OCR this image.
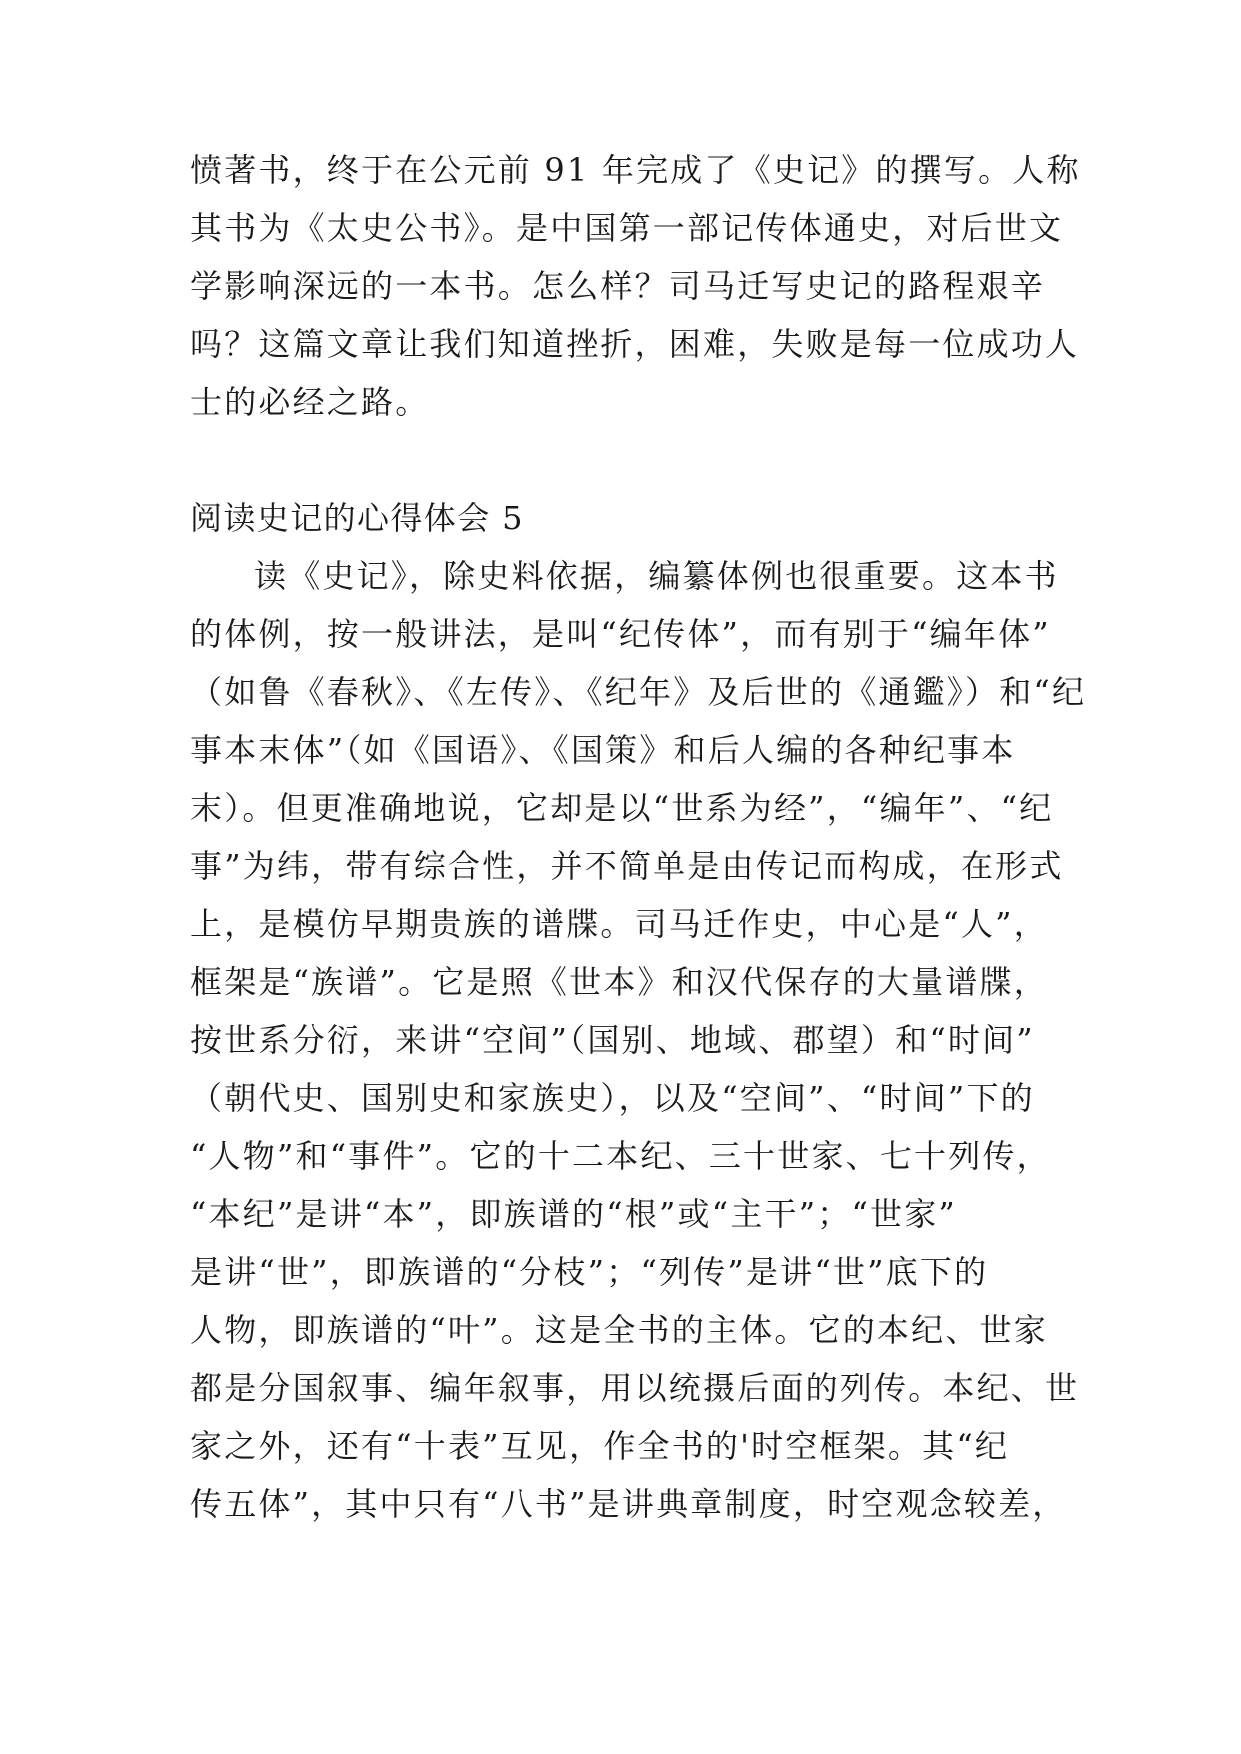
愤著书，终于在公元前 91 年完成了《史记》的撰写。人称
其书为《太史公书》。是中国第一部记传体通史，对后世文
学影响深远的一本书。怎么样？司马迁写史记的路程艰辛
吗？这篇文章让我们知道挫折，困难，失败是每一位成功人
士的必经之路。
阅读史记的心得体会 5
读《史记》，除史料依据，编纂体例也很重要。这本书
的体例，按一般讲法，是叫“纪传体”，而有别于“编年体”
（如鲁《春秋》、《左传》、《纪年》及后世的《通鑑》）和“纪
事本末体”（如《国语》、《国策》和后人编的各种纪事本
末）。但更准确地说，它却是以“世系为经”，“编年”、“纪
事”为纬，带有综合性，并不简单是由传记而构成，在形式
上，是模仿早期贵族的谱牒。司马迁作史，中心是“人”，
框架是“族谱”。它是照《世本》和汉代保存的大量谱牒，
按世系分衍，来讲“空间”（国别、地域、郡望）和“时间”
（朝代史、国别史和家族史），以及“空间”、“时间”下的
“人物”和“事件”。它的十二本纪、三十世家、七十列传，
“本纪”是讲“本”，即族谱的“根”或“主干”；“世家”
是讲“世”，即族谱的“分枝”；“列传”是讲“世”底下的
人物，即族谱的“叶”。这是全书的主体。它的本纪、世家
都是分国叙事、编年叙事，用以统摄后面的列传。本纪、世
家之外，还有“十表”互见，作全书的'时空框架。其“纪
传五体”，其中只有“八书”是讲典章制度，时空观念较差，
